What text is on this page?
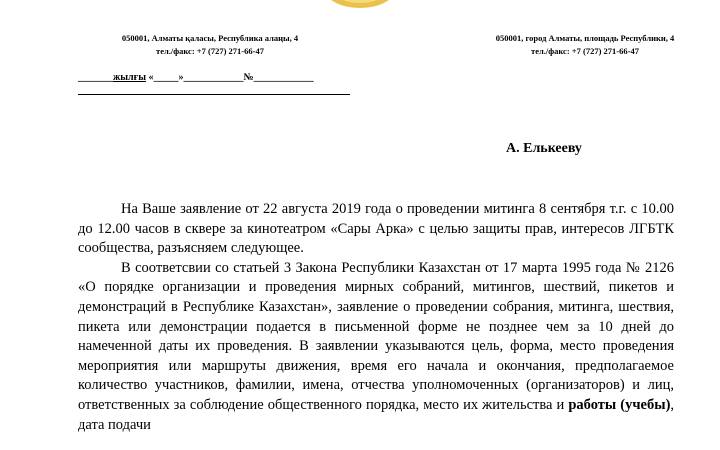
050001, Алматы қаласы, Республика алаңы, 4
тел./факс: +7 (727) 271-66-47
050001, город Алматы, площадь Республики, 4
тел./факс: +7 (727) 271-66-47
_______жылғы «_____»____________№____________
А. Елькееву

На Ваше заявление от 22 августа 2019 года о проведении митинга 8 сентября т.г. с 10.00 до 12.00 часов в сквере за кинотеатром «Сары Арка» с целью защиты прав, интересов ЛГБТК сообщества, разъясняем следующее.

В соответсвии со статьей 3 Закона Республики Казахстан от 17 марта 1995 года № 2126 «О порядке организации и проведения мирных собраний, митингов, шествий, пикетов и демонстраций в Республике Казахстан», заявление о проведении собрания, митинга, шествия, пикета или демонстрации подается в письменной форме не позднее чем за 10 дней до намеченной даты их проведения. В заявлении указываются цель, форма, место проведения мероприятия или маршруты движения, время его начала и окончания, предполагаемое количество участников, фамилии, имена, отчества уполномоченных (организаторов) и лиц, ответственных за соблюдение общественного порядка, место их жительства и работы (учебы), дата подачи
